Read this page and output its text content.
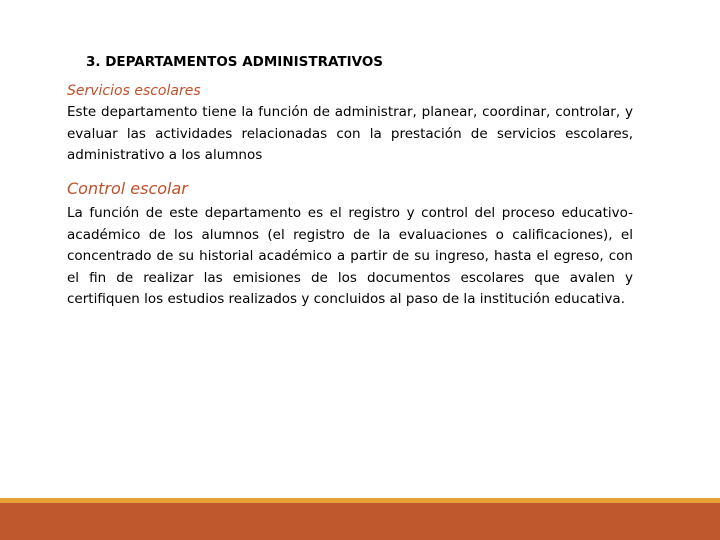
3. DEPARTAMENTOS ADMINISTRATIVOS

Servicios escolares

Este departamento tiene la función de administrar, planear, coordinar, controlar, y evaluar las actividades relacionadas con la prestación de servicios escolares, administrativo a los alumnos

Control escolar

La función de este departamento es el registro y control del proceso educativo-académico de los alumnos (el registro de la evaluaciones o calificaciones), el concentrado de su historial académico a partir de su ingreso, hasta el egreso, con el fin de realizar las emisiones de los documentos escolares que avalen y certifiquen los estudios realizados y concluidos al paso de la institución educativa.
